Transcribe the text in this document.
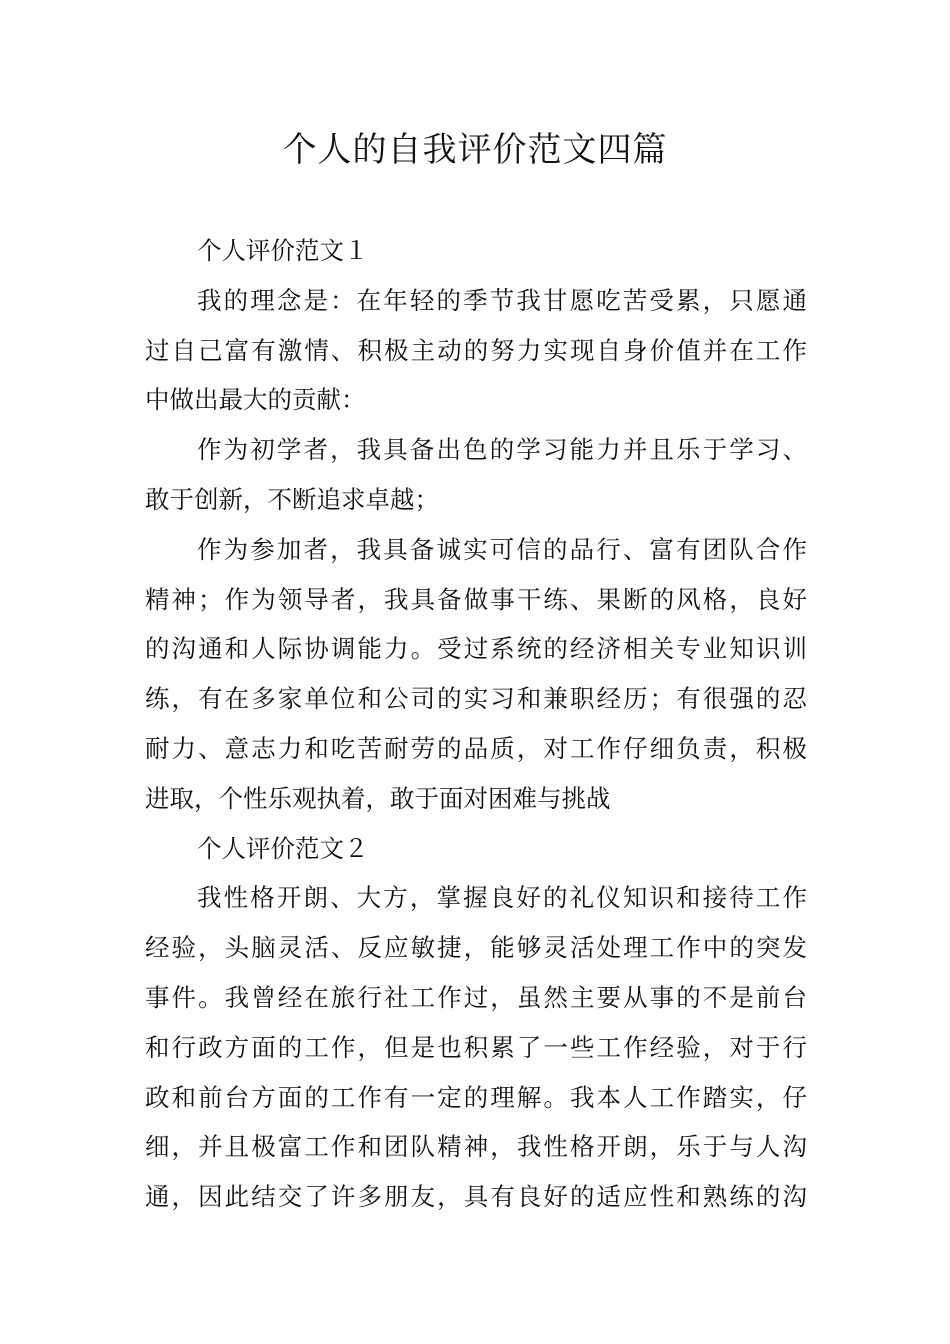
个人的自我评价范文四篇
个人评价范文１
我的理念是：在年轻的季节我甘愿吃苦受累，只愿通
过自己富有激情、积极主动的努力实现自身价值并在工作
中做出最大的贡献：
作为初学者，我具备出色的学习能力并且乐于学习、
敢于创新，不断追求卓越；
作为参加者，我具备诚实可信的品行、富有团队合作
精神；作为领导者，我具备做事干练、果断的风格，良好
的沟通和人际协调能力。受过系统的经济相关专业知识训
练，有在多家单位和公司的实习和兼职经历；有很强的忍
耐力、意志力和吃苦耐劳的品质，对工作仔细负责，积极
进取，个性乐观执着，敢于面对困难与挑战
个人评价范文２
我性格开朗、大方，掌握良好的礼仪知识和接待工作
经验，头脑灵活、反应敏捷，能够灵活处理工作中的突发
事件。我曾经在旅行社工作过，虽然主要从事的不是前台
和行政方面的工作，但是也积累了一些工作经验，对于行
政和前台方面的工作有一定的理解。我本人工作踏实，仔
细，并且极富工作和团队精神，我性格开朗，乐于与人沟
通，因此结交了许多朋友，具有良好的适应性和熟练的沟
